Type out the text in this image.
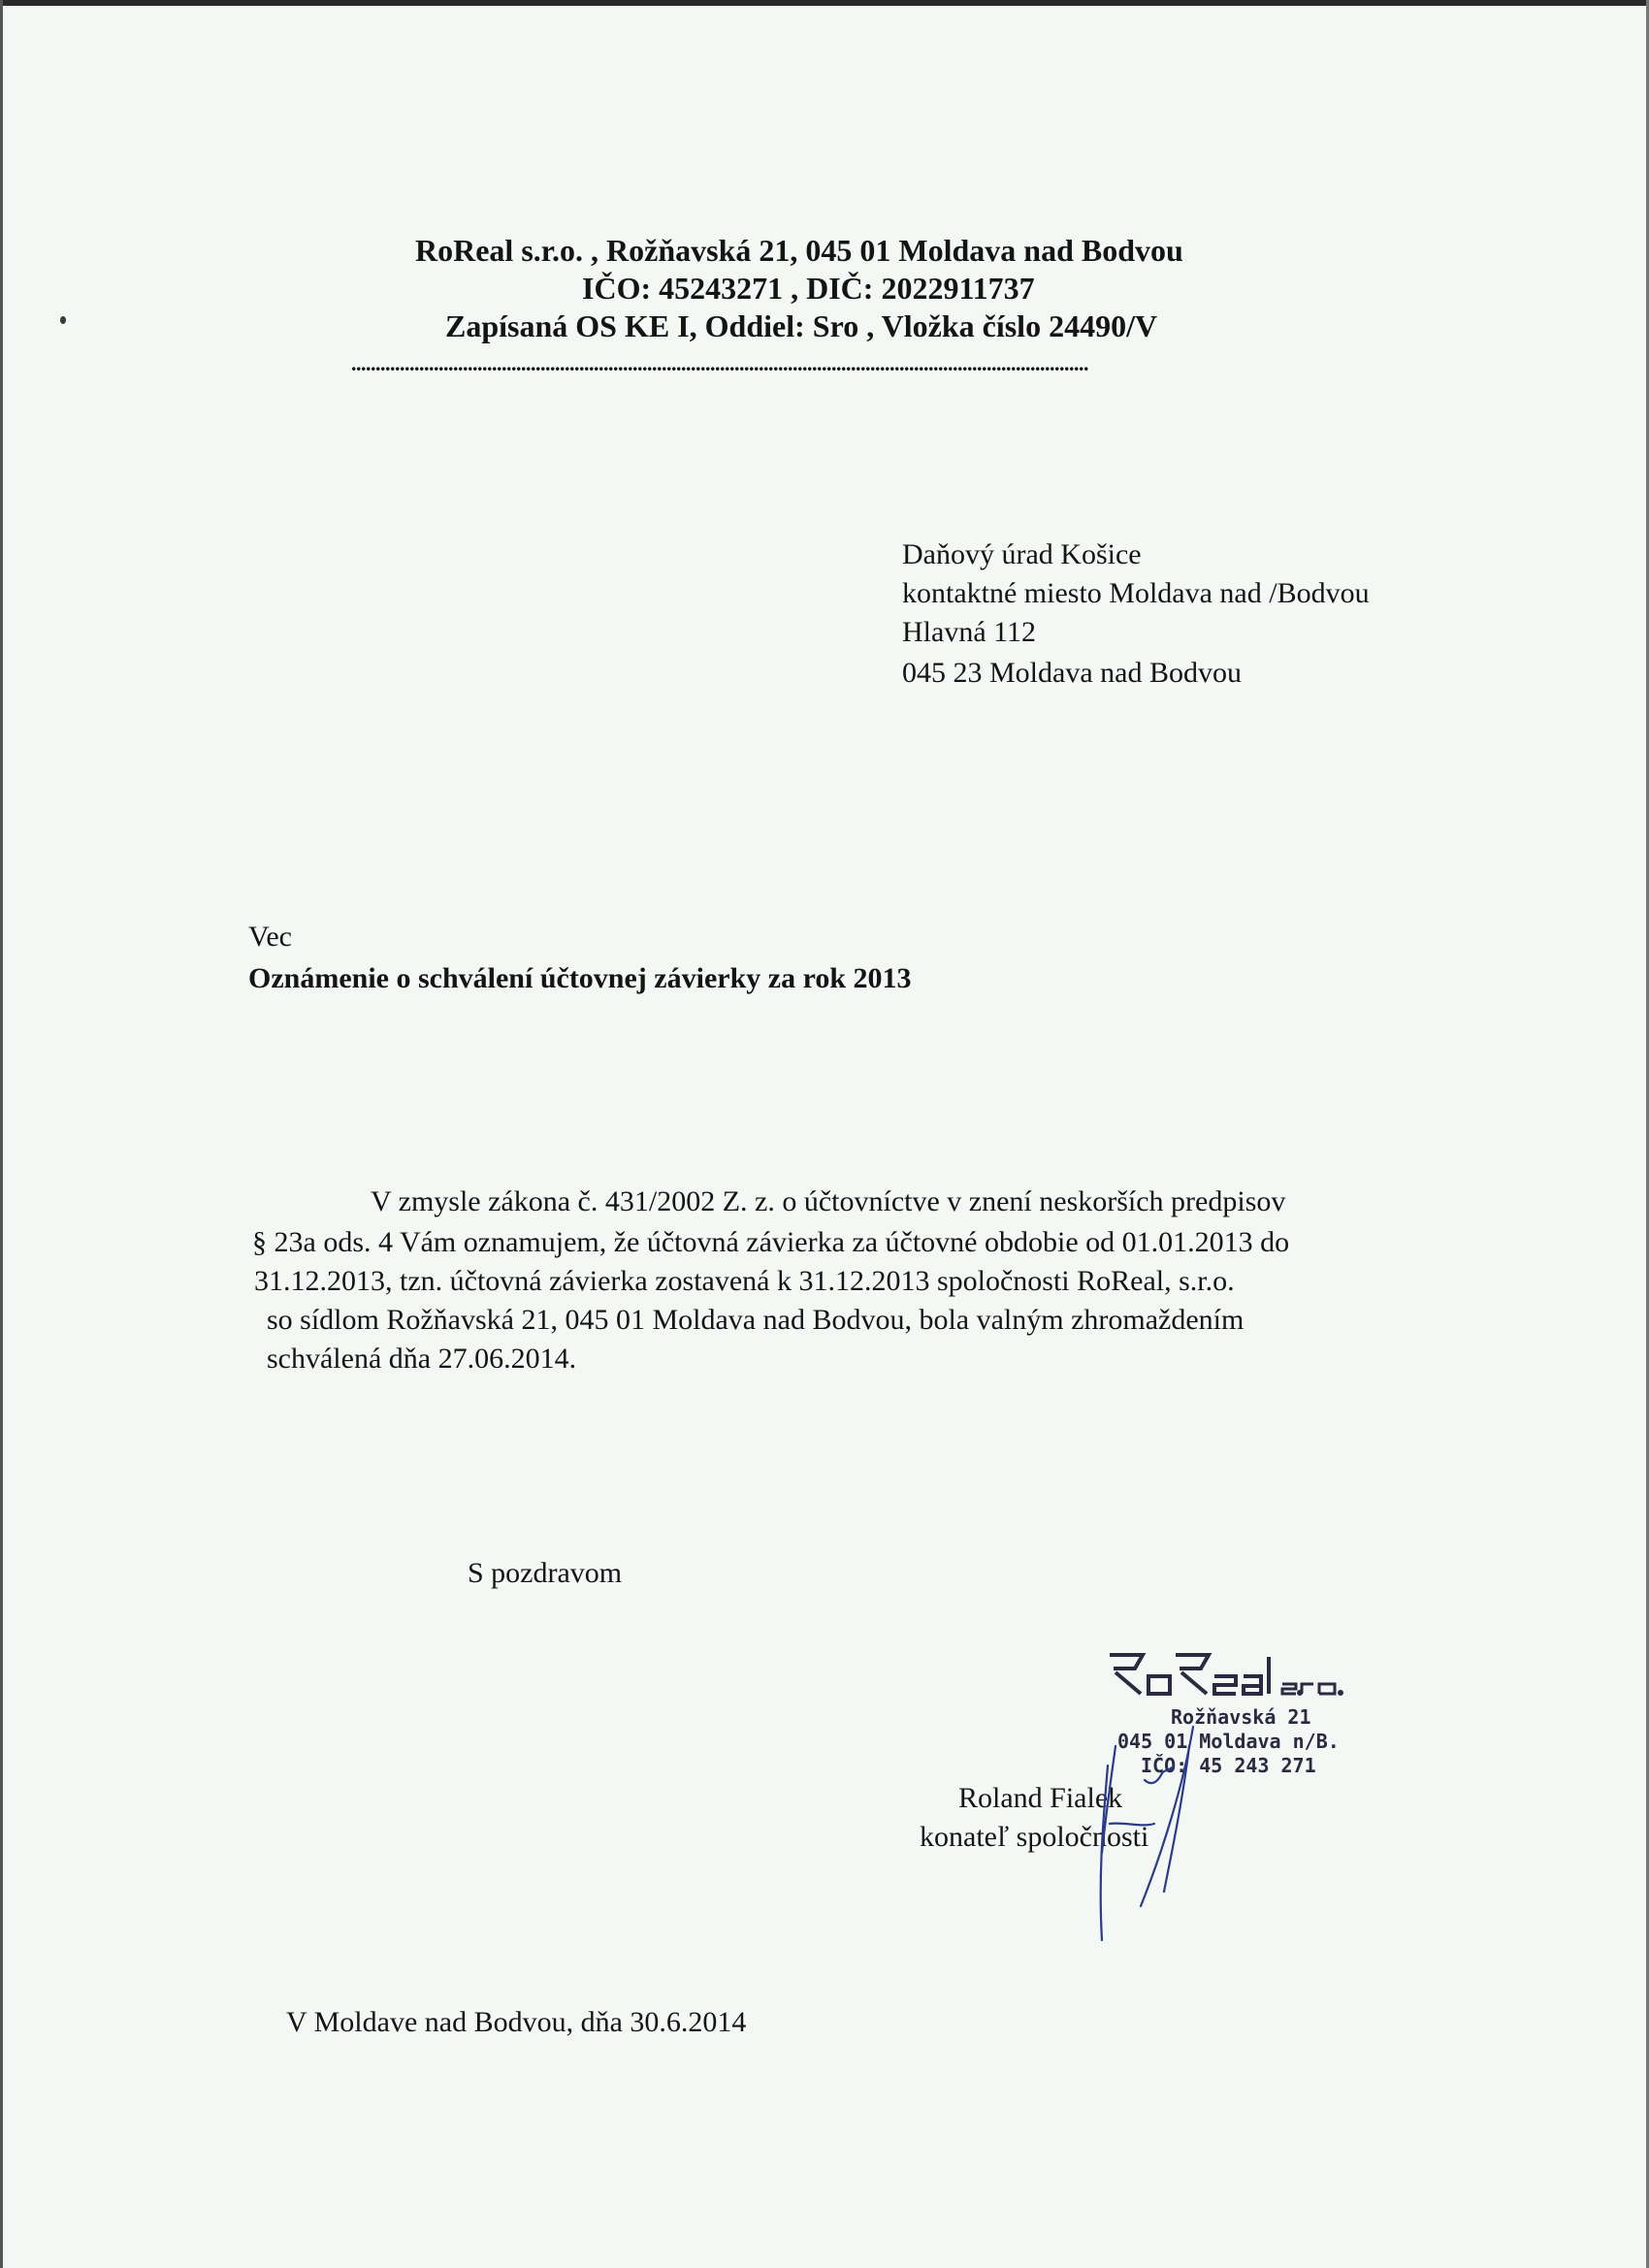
RoReal s.r.o. , Rožňavská 21, 045 01 Moldava nad Bodvou
IČO: 45243271 , DIČ: 2022911737
Zapísaná OS KE I, Oddiel: Sro , Vložka číslo 24490/V
........................................................................................................................................................
Daňový úrad Košice
kontaktné miesto Moldava nad /Bodvou
Hlavná 112
045 23 Moldava nad Bodvou
Vec
Oznámenie o schválení účtovnej závierky za rok 2013
V zmysle zákona č. 431/2002 Z. z. o účtovníctve v znení neskorších predpisov
§ 23a ods. 4 Vám oznamujem, že účtovná závierka za účtovné obdobie od 01.01.2013 do
31.12.2013, tzn. účtovná závierka zostavená k 31.12.2013 spoločnosti RoReal, s.r.o.
so sídlom Rožňavská 21, 045 01 Moldava nad Bodvou, bola valným zhromaždením
schválená dňa 27.06.2014.
S pozdravom
Rožňavská 21
045 01 Moldava n/B.
IČO: 45 243 271
Roland Fialek
konateľ spoločnosti
V Moldave nad Bodvou, dňa 30.6.2014
